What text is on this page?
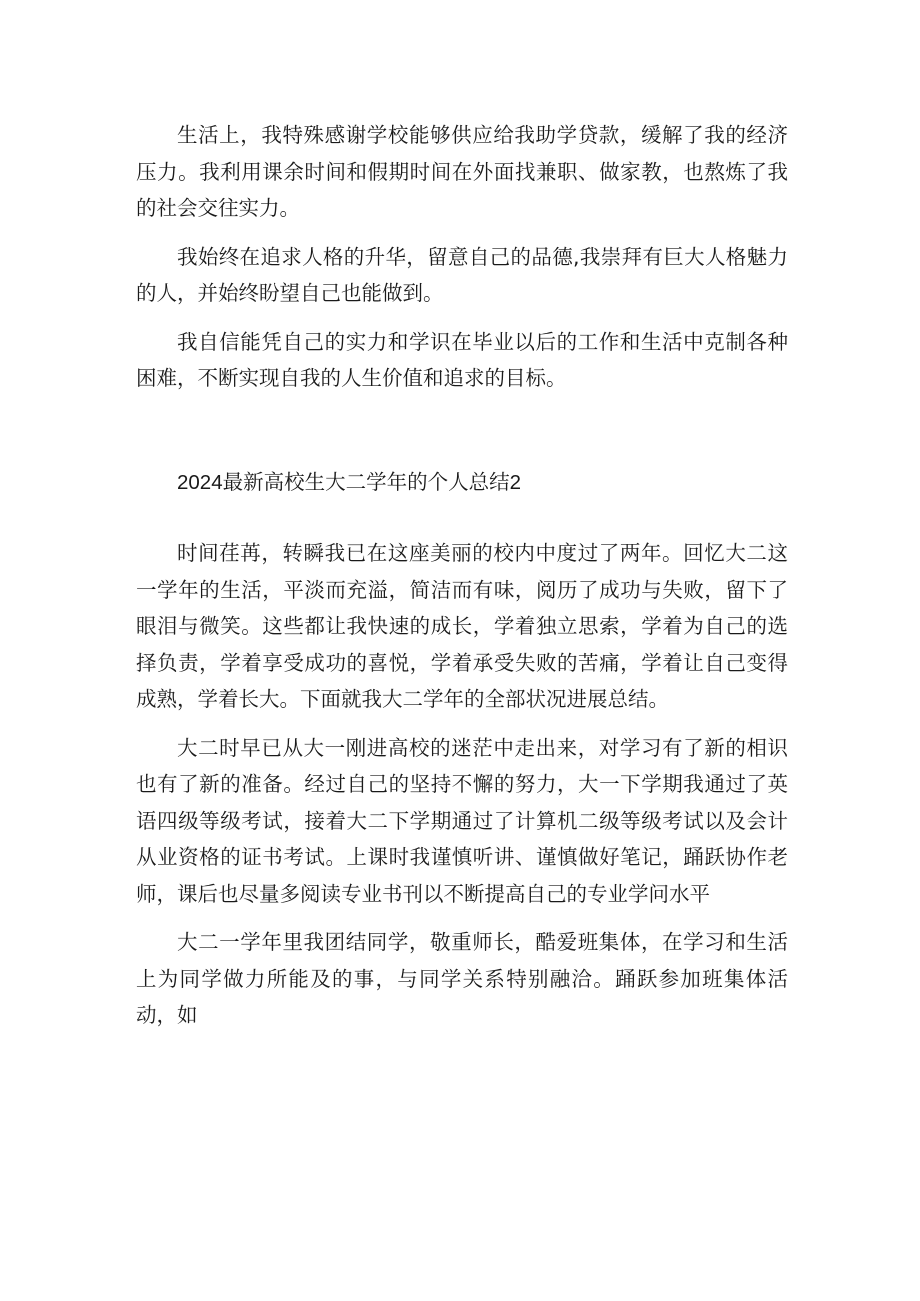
生活上，我特殊感谢学校能够供应给我助学贷款，缓解了我的经济压力。我利用课余时间和假期时间在外面找兼职、做家教，也熬炼了我的社会交往实力。

我始终在追求人格的升华，留意自己的品德,我崇拜有巨大人格魅力的人，并始终盼望自己也能做到。

我自信能凭自己的实力和学识在毕业以后的工作和生活中克制各种困难，不断实现自我的人生价值和追求的目标。

2024最新高校生大二学年的个人总结2

时间荏苒，转瞬我已在这座美丽的校内中度过了两年。回忆大二这一学年的生活，平淡而充溢，简洁而有味，阅历了成功与失败，留下了眼泪与微笑。这些都让我快速的成长，学着独立思索，学着为自己的选择负责，学着享受成功的喜悦，学着承受失败的苦痛，学着让自己变得成熟，学着长大。下面就我大二学年的全部状况进展总结。

大二时早已从大一刚进高校的迷茫中走出来，对学习有了新的相识也有了新的准备。经过自己的坚持不懈的努力，大一下学期我通过了英语四级等级考试，接着大二下学期通过了计算机二级等级考试以及会计从业资格的证书考试。上课时我谨慎听讲、谨慎做好笔记，踊跃协作老师，课后也尽量多阅读专业书刊以不断提高自己的专业学问水平

大二一学年里我团结同学，敬重师长，酷爱班集体，在学习和生活上为同学做力所能及的事，与同学关系特别融洽。踊跃参加班集体活动，如
